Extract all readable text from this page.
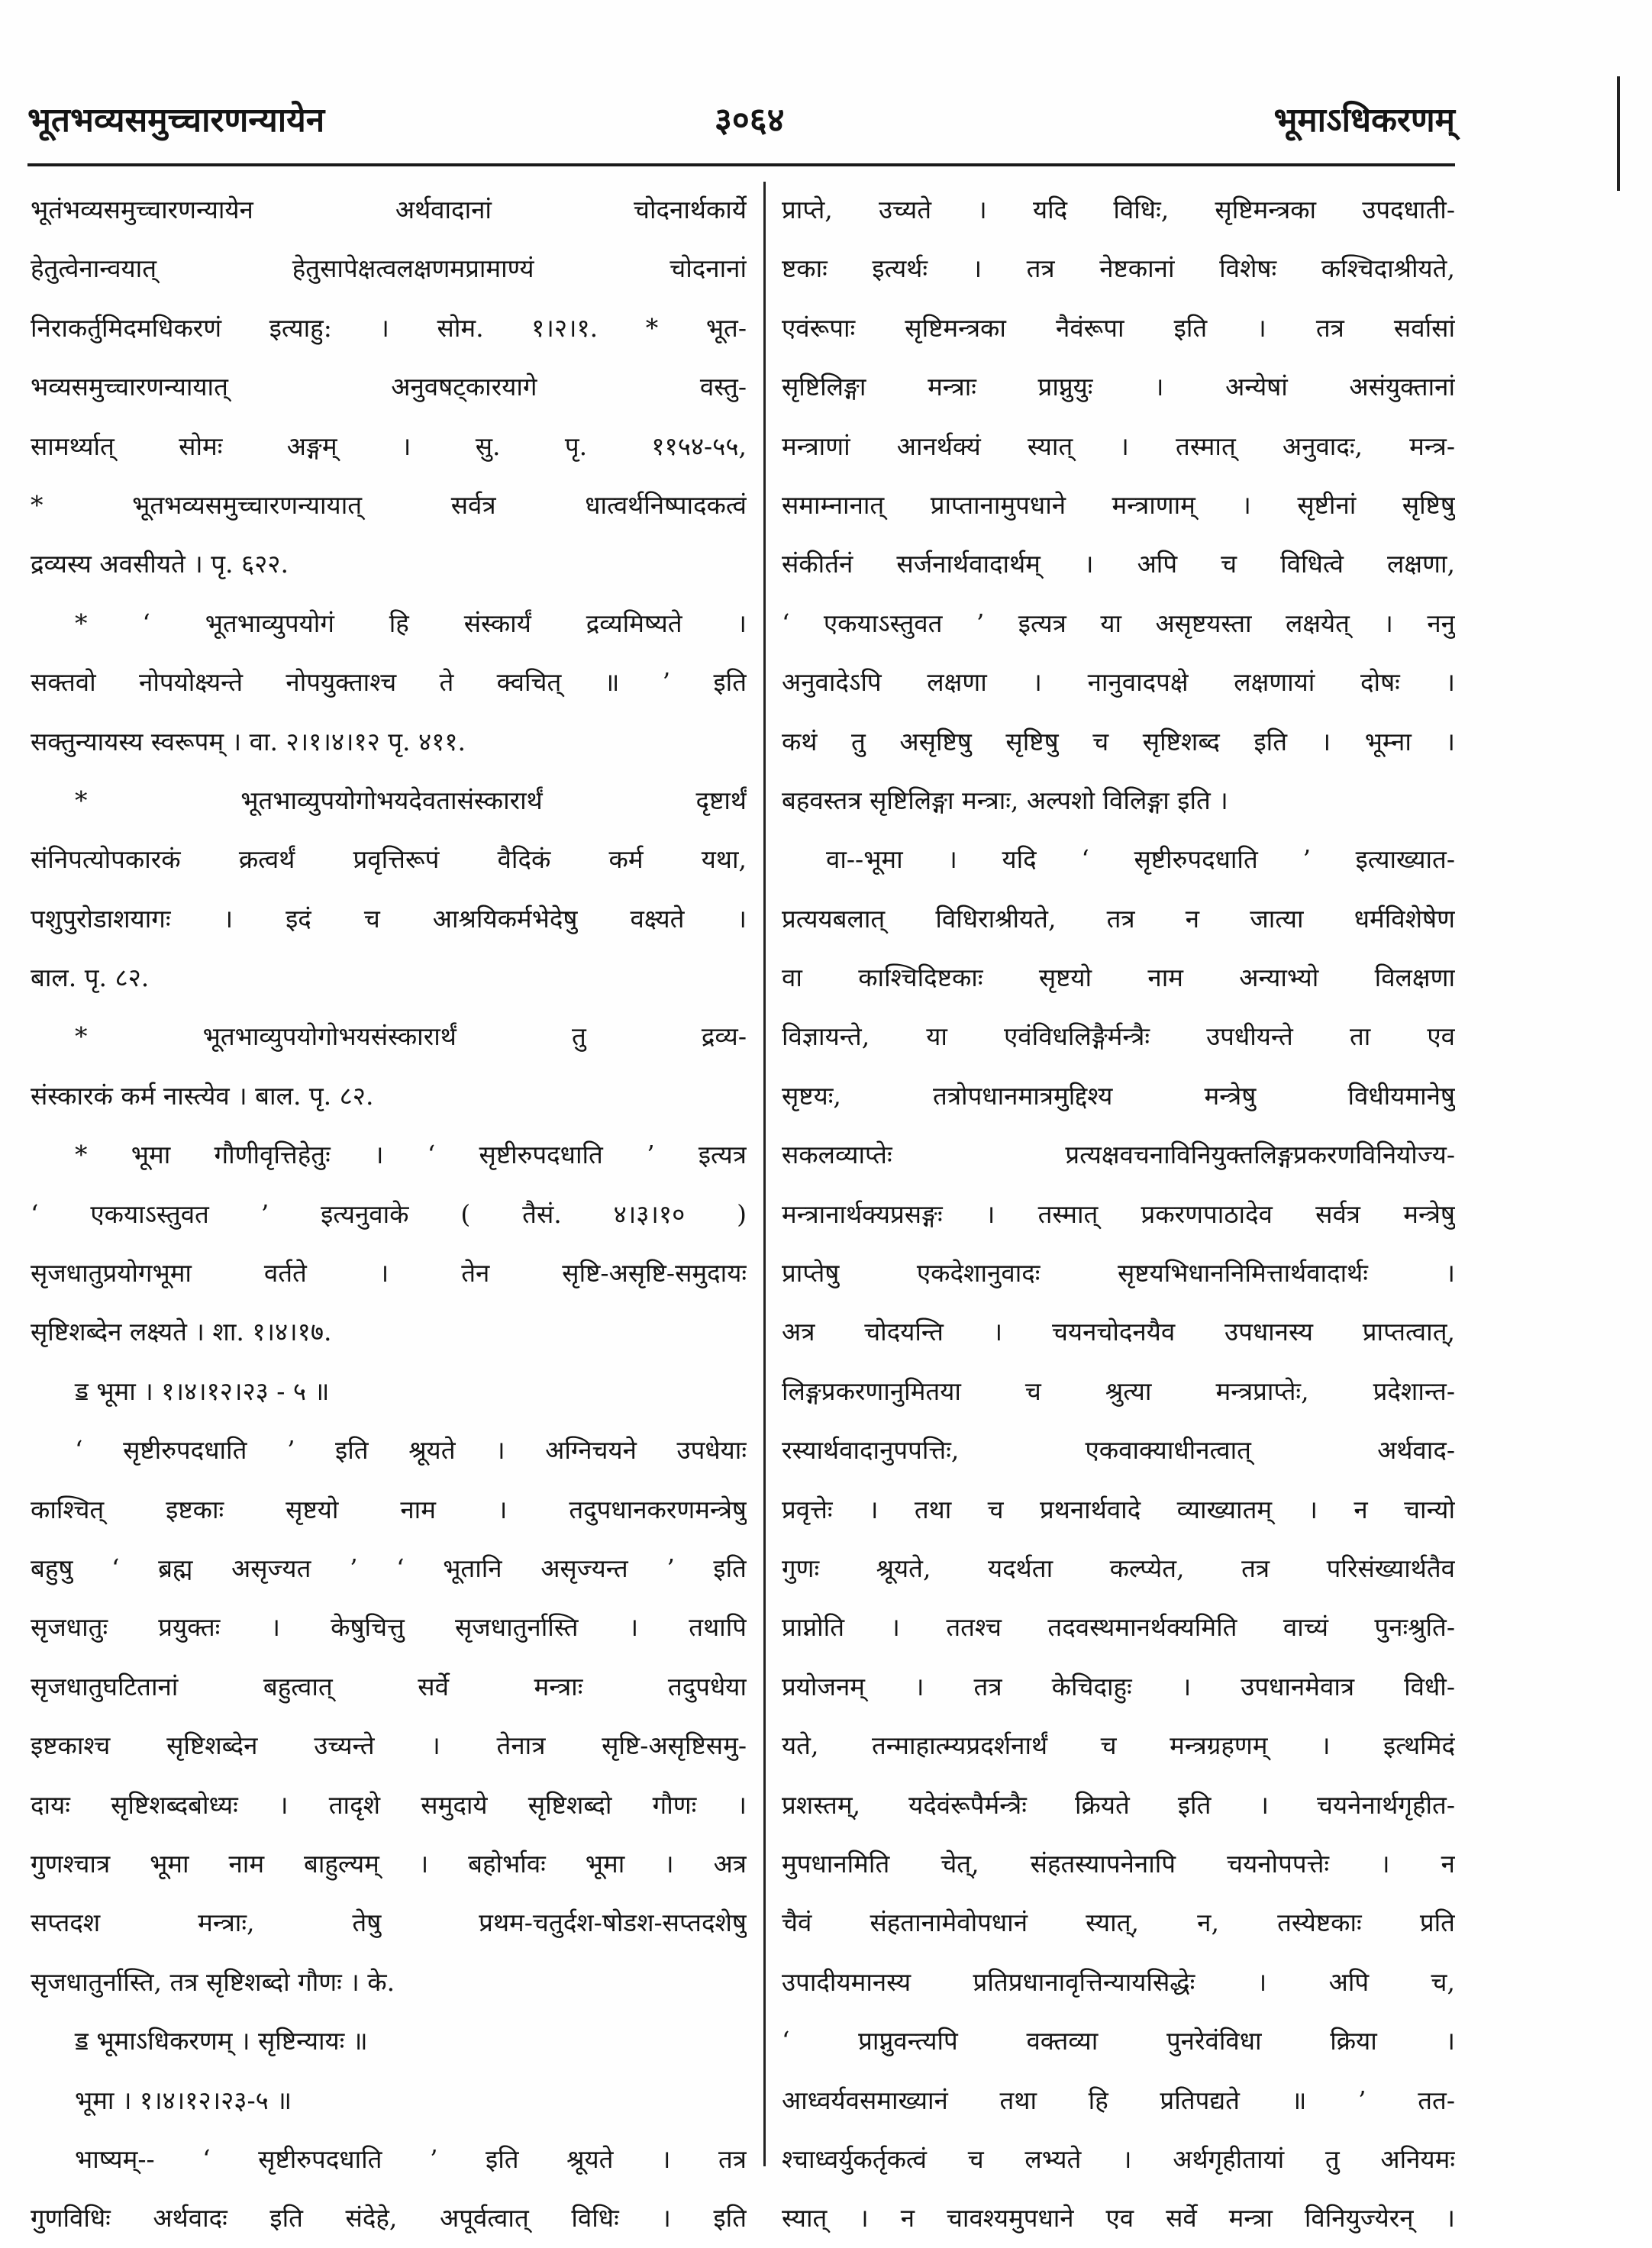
भूतभव्यसमुच्चारणन्यायेन	३०६४	भूमाऽधिकरणम्
भूतंभव्यसमुच्चारणन्यायेन अर्थवादानां चोदनार्थकार्ये
हेतुत्वेनान्वयात् हेतुसापेक्षत्वलक्षणमप्रामाण्यं चोदनानां
निराकर्तुमिदमधिकरणं इत्याहु: । सोम. १।२।१. * भूत-
भव्यसमुच्चारणन्यायात् अनुवषट्कारयागे वस्तु-
सामर्थ्यात् सोमः अङ्गम् । सु. पृ. ११५४-५५,
* भूतभव्यसमुच्चारणन्यायात् सर्वत्र धात्वर्थनिष्पादकत्वं
द्रव्यस्य अवसीयते । पृ. ६२२.
* ‘ भूतभाव्युपयोगं हि संस्कार्यं द्रव्यमिष्यते ।
सक्तवो नोपयोक्ष्यन्ते नोपयुक्ताश्च ते क्वचित् ॥ ’ इति
सक्तुन्यायस्य स्वरूपम् । वा. २।१।४।१२ पृ. ४११.
* भूतभाव्युपयोगोभयदेवतासंस्कारार्थं दृष्टार्थं
संनिपत्योपकारकं क्रत्वर्थं प्रवृत्तिरूपं वैदिकं कर्म यथा,
पशुपुरोडाशयागः । इदं च आश्रयिकर्मभेदेषु वक्ष्यते ।
बाल. पृ. ८२.
* भूतभाव्युपयोगोभयसंस्कारार्थं तु द्रव्य-
संस्कारकं कर्म नास्त्येव । बाल. पृ. ८२.
* भूमा गौणीवृत्तिहेतुः । ‘ सृष्टीरुपदधाति ’ इत्यत्र
‘ एकयाऽस्तुवत ’ इत्यनुवाके ( तैसं. ४।३।१० )
सृजधातुप्रयोगभूमा वर्तते । तेन सृष्टि-असृष्टि-समुदायः
सृष्टिशब्देन लक्ष्यते । शा. १।४।१७.
ॾ भूमा । १।४।१२।२३ - ५ ॥
‘ सृष्टीरुपदधाति ’ इति श्रूयते । अग्निचयने उपधेयाः
काश्चित् इष्टकाः सृष्टयो नाम । तदुपधानकरणमन्त्रेषु
बहुषु ‘ ब्रह्म असृज्यत ’ ‘ भूतानि असृज्यन्त ’ इति
सृजधातुः प्रयुक्तः । केषुचित्तु सृजधातुर्नास्ति । तथापि
सृजधातुघटितानां बहुत्वात् सर्वे मन्त्राः तदुपधेया
इष्टकाश्च सृष्टिशब्देन उच्यन्ते । तेनात्र सृष्टि-असृष्टिसमु-
दायः सृष्टिशब्दबोध्यः । तादृशे समुदाये सृष्टिशब्दो गौणः ।
गुणश्चात्र भूमा नाम बाहुल्यम् । बहोर्भावः भूमा । अत्र
सप्तदश मन्त्राः, तेषु प्रथम-चतुर्दश-षोडश-सप्तदशेषु
सृजधातुर्नास्ति, तत्र सृष्टिशब्दो गौणः । के.
ॾ भूमाऽधिकरणम् । सृष्टिन्यायः ॥
भूमा । १।४।१२।२३-५ ॥
भाष्यम्-- ‘ सृष्टीरुपदधाति ’ इति श्रूयते । तत्र
गुणविधिः अर्थवादः इति संदेहे, अपूर्वत्वात् विधिः । इति
प्राप्ते, उच्यते । यदि विधिः, सृष्टिमन्त्रका उपदधाती-
ष्टकाः इत्यर्थः । तत्र नेष्टकानां विशेषः कश्चिदाश्रीयते,
एवंरूपाः सृष्टिमन्त्रका नैवंरूपा इति । तत्र सर्वासां
सृष्टिलिङ्गा मन्त्राः प्राप्नुयुः । अन्येषां असंयुक्तानां
मन्त्राणां आनर्थक्यं स्यात् । तस्मात् अनुवादः, मन्त्र-
समाम्नानात् प्राप्तानामुपधाने मन्त्राणाम् । सृष्टीनां सृष्टिषु
संकीर्तनं सर्जनार्थवादार्थम् । अपि च विधित्वे लक्षणा,
‘ एकयाऽस्तुवत ’ इत्यत्र या असृष्टयस्ता लक्षयेत् । ननु
अनुवादेऽपि लक्षणा । नानुवादपक्षे लक्षणायां दोषः ।
कथं तु असृष्टिषु सृष्टिषु च सृष्टिशब्द इति । भूम्ना ।
बहवस्तत्र सृष्टिलिङ्गा मन्त्राः, अल्पशो विलिङ्गा इति ।
वा--भूमा । यदि ‘ सृष्टीरुपदधाति ’ इत्याख्यात-
प्रत्ययबलात् विधिराश्रीयते, तत्र न जात्या धर्मविशेषेण
वा काश्चिदिष्टकाः सृष्टयो नाम अन्याभ्यो विलक्षणा
विज्ञायन्ते, या एवंविधलिङ्गैर्मन्त्रैः उपधीयन्ते ता एव
सृष्टयः, तत्रोपधानमात्रमुद्दिश्य मन्त्रेषु विधीयमानेषु
सकलव्याप्तेः प्रत्यक्षवचनाविनियुक्तलिङ्गप्रकरणविनियोज्य-
मन्त्रानार्थक्यप्रसङ्गः । तस्मात् प्रकरणपाठादेव सर्वत्र मन्त्रेषु
प्राप्तेषु एकदेशानुवादः सृष्टयभिधाननिमित्तार्थवादार्थः ।
अत्र चोदयन्ति । चयनचोदनयैव उपधानस्य प्राप्तत्वात्,
लिङ्गप्रकरणानुमितया च श्रुत्या मन्त्रप्राप्तेः, प्रदेशान्त-
रस्यार्थवादानुपपत्तिः, एकवाक्याधीनत्वात् अर्थवाद-
प्रवृत्तेः । तथा च प्रथनार्थवादे व्याख्यातम् । न चान्यो
गुणः श्रूयते, यदर्थता कल्प्येत, तत्र परिसंख्यार्थतैव
प्राप्नोति । ततश्च तदवस्थमानर्थक्यमिति वाच्यं पुनःश्रुति-
प्रयोजनम् । तत्र केचिदाहुः । उपधानमेवात्र विधी-
यते, तन्माहात्म्यप्रदर्शनार्थं च मन्त्रग्रहणम् । इत्थमिदं
प्रशस्तम्, यदेवंरूपैर्मन्त्रैः क्रियते इति । चयनेनार्थगृहीत-
मुपधानमिति चेत्, संहतस्यापनेनापि चयनोपपत्तेः । न
चैवं संहतानामेवोपधानं स्यात्, न, तस्येष्टकाः प्रति
उपादीयमानस्य प्रतिप्रधानावृत्तिन्यायसिद्धेः । अपि च,
‘ प्राप्नुवन्त्यपि वक्तव्या पुनरेवंविधा क्रिया ।
आध्वर्यवसमाख्यानं तथा हि प्रतिपद्यते ॥ ’ तत-
श्चाध्वर्युकर्तृकत्वं च लभ्यते । अर्थगृहीतायां तु अनियमः
स्यात् । न चावश्यमुपधाने एव सर्वे मन्त्रा विनियुज्येरन् ।
